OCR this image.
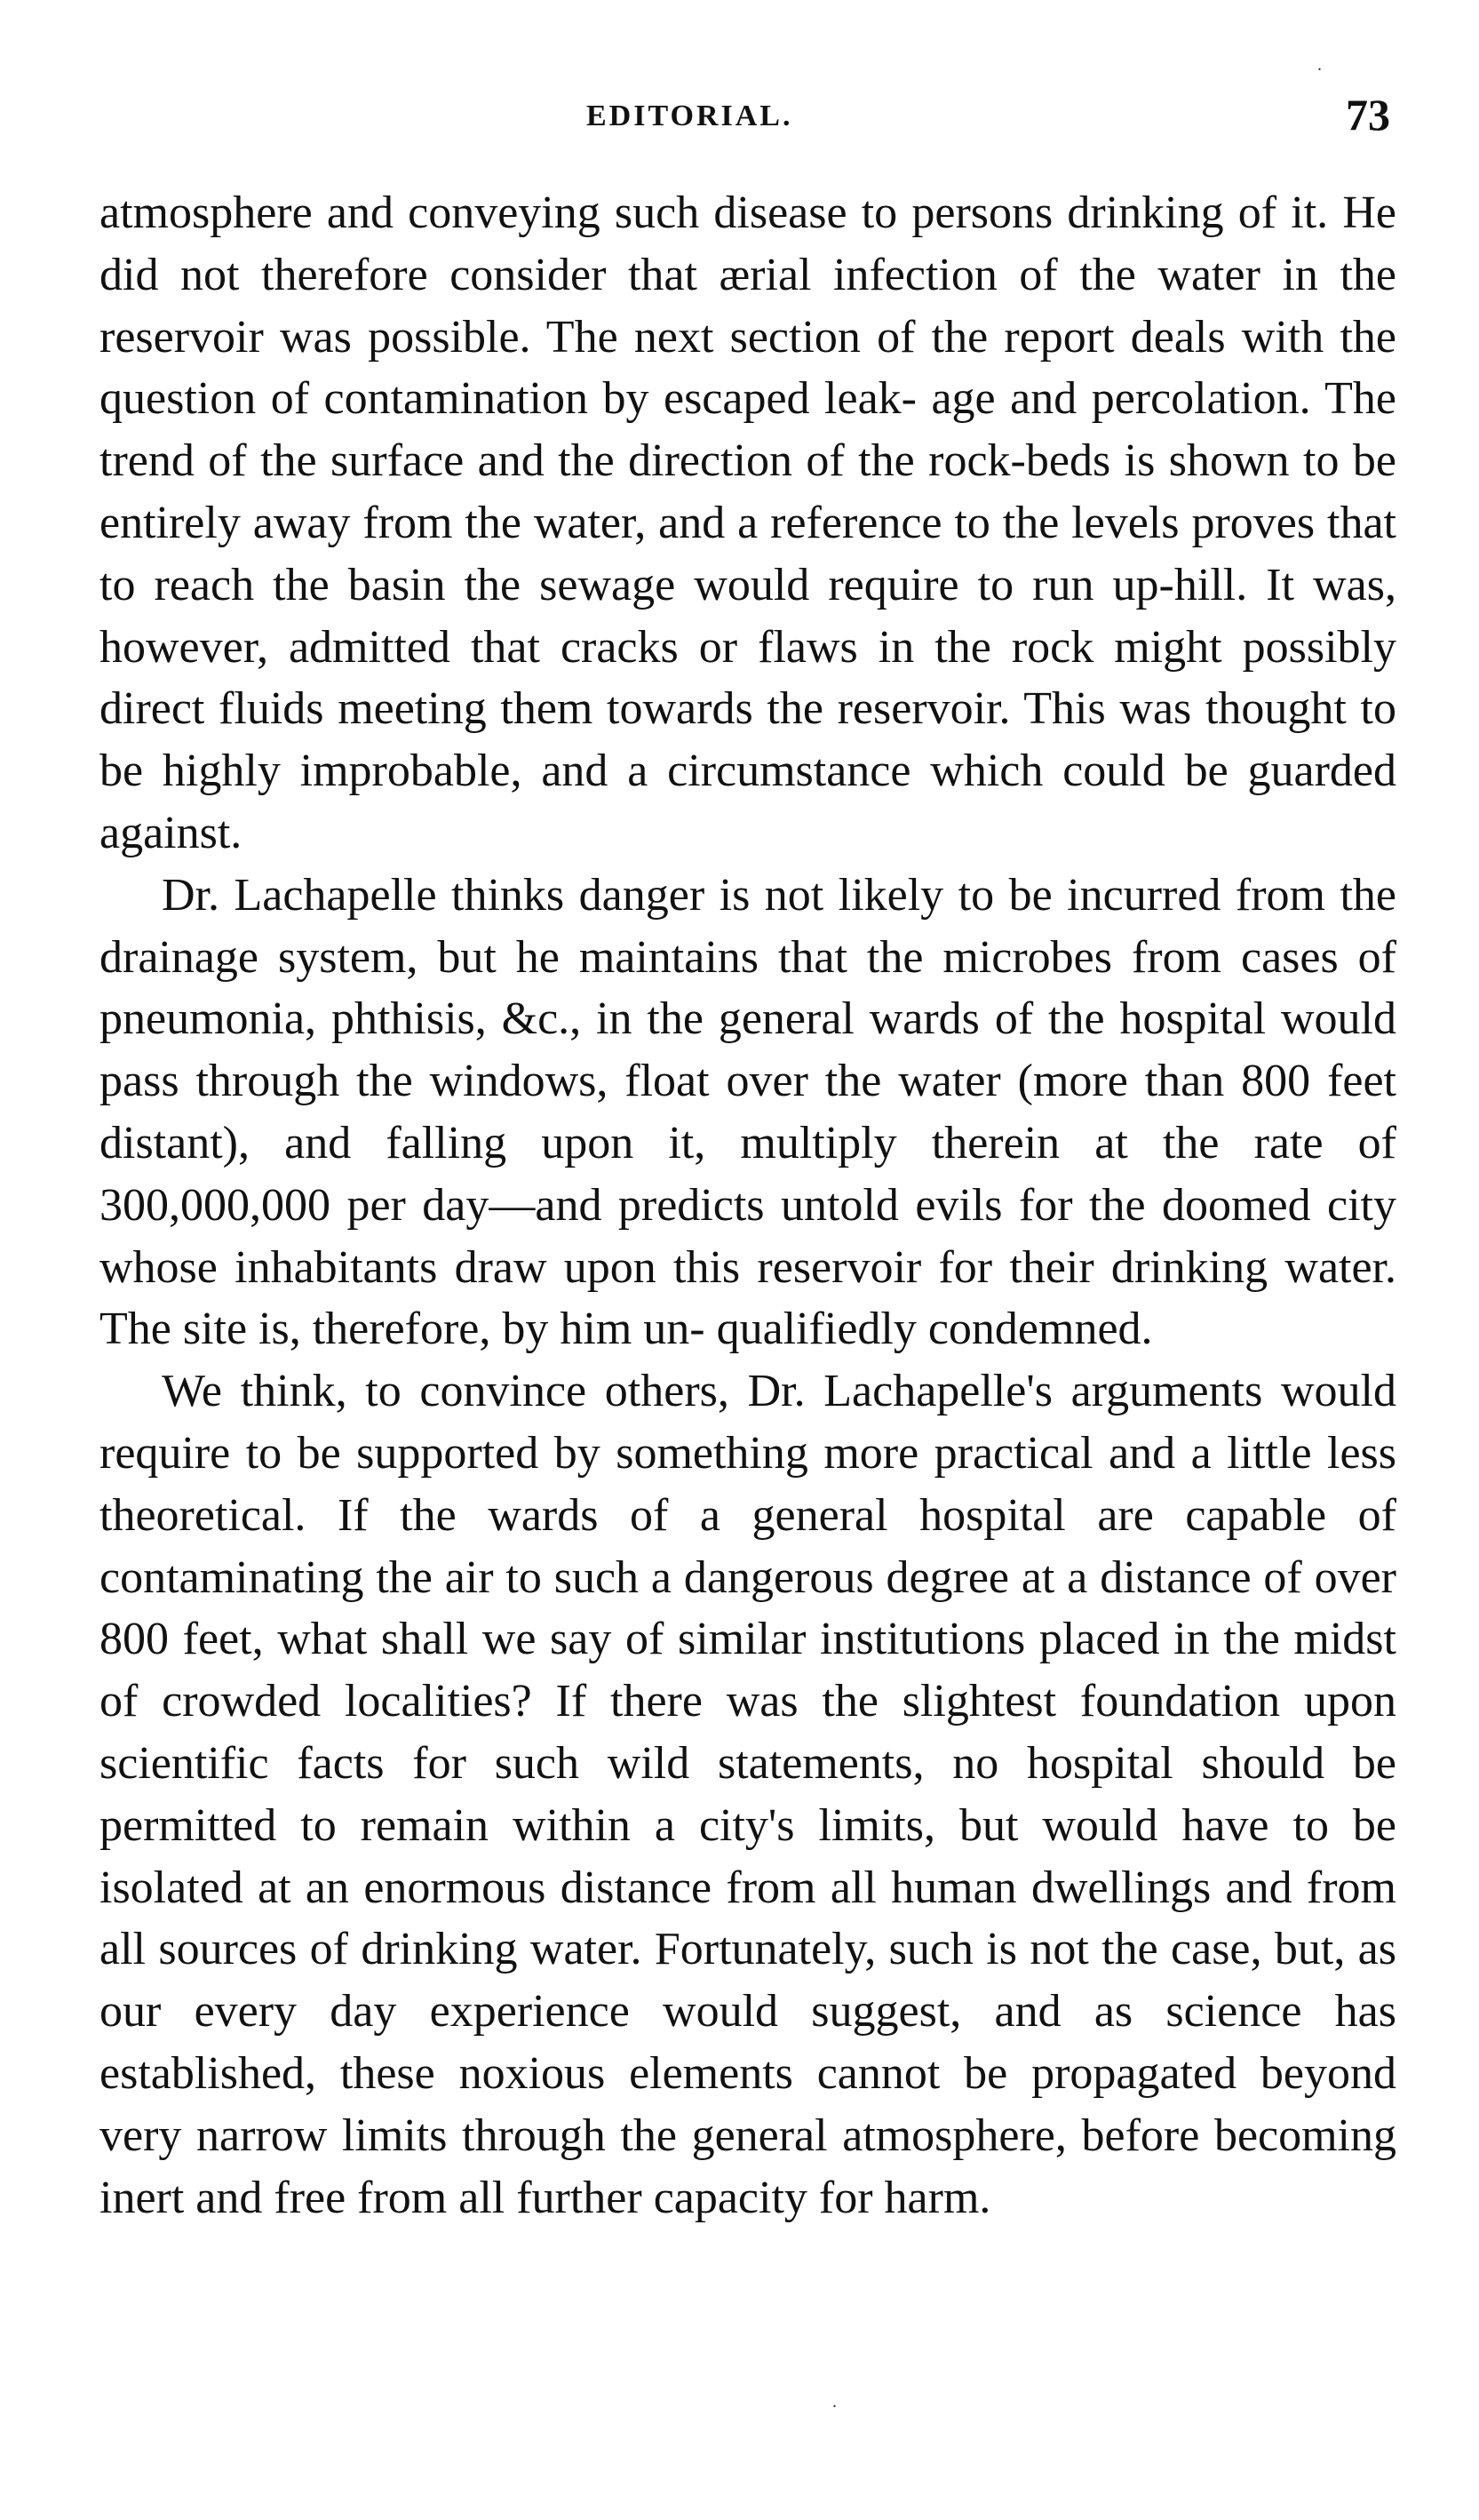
EDITORIAL.	73

atmosphere and conveying such disease to persons drinking of it. He did not therefore consider that ærial infection of the water in the reservoir was possible. The next section of the report deals with the question of contamination by escaped leak- age and percolation. The trend of the surface and the direction of the rock-beds is shown to be entirely away from the water, and a reference to the levels proves that to reach the basin the sewage would require to run up-hill. It was, however, admitted that cracks or flaws in the rock might possibly direct fluids meeting them towards the reservoir. This was thought to be highly improbable, and a circumstance which could be guarded against.

Dr. Lachapelle thinks danger is not likely to be incurred from the drainage system, but he maintains that the microbes from cases of pneumonia, phthisis, &c., in the general wards of the hospital would pass through the windows, float over the water (more than 800 feet distant), and falling upon it, multiply therein at the rate of 300,000,000 per day—and predicts untold evils for the doomed city whose inhabitants draw upon this reservoir for their drinking water. The site is, therefore, by him un- qualifiedly condemned.

We think, to convince others, Dr. Lachapelle's arguments would require to be supported by something more practical and a little less theoretical. If the wards of a general hospital are capable of contaminating the air to such a dangerous degree at a distance of over 800 feet, what shall we say of similar institutions placed in the midst of crowded localities? If there was the slightest foundation upon scientific facts for such wild statements, no hospital should be permitted to remain within a city's limits, but would have to be isolated at an enormous distance from all human dwellings and from all sources of drinking water. Fortunately, such is not the case, but, as our every day experience would suggest, and as science has established, these noxious elements cannot be propagated beyond very narrow limits through the general atmosphere, before becoming inert and free from all further capacity for harm.

.
.
